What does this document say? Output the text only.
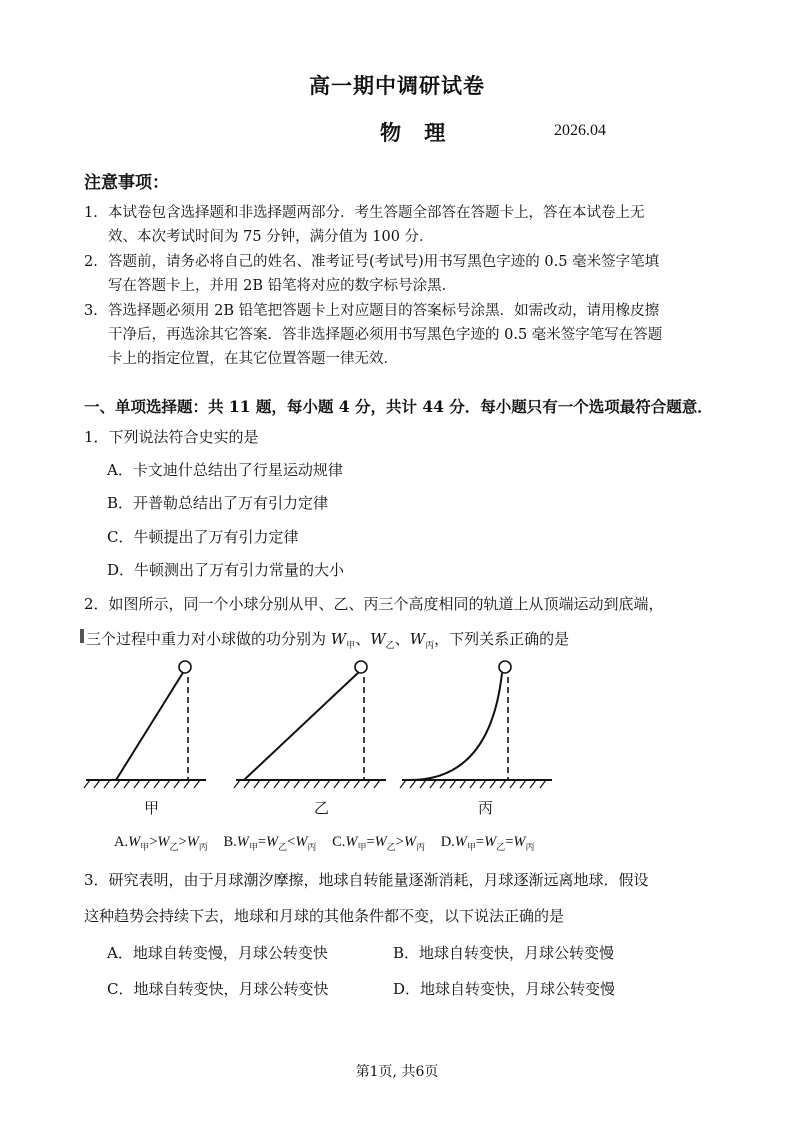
高一期中调研试卷
物 理	2026.04
注意事项：
1. 本试卷包含选择题和非选择题两部分．考生答题全部答在答题卡上，答在本试卷上无
效、本次考试时间为 75 分钟，满分值为 100 分．
2. 答题前，请务必将自己的姓名、准考证号(考试号)用书写黑色字迹的 0.5 毫米签字笔填
写在答题卡上，并用 2B 铅笔将对应的数字标号涂黑．
3. 答选择题必须用 2B 铅笔把答题卡上对应题目的答案标号涂黑．如需改动，请用橡皮擦
干净后，再选涂其它答案．答非选择题必须用书写黑色字迹的 0.5 毫米签字笔写在答题
卡上的指定位置，在其它位置答题一律无效．
一、单项选择题：共 11 题，每小题 4 分，共计 44 分．每小题只有一个选项最符合题意．
1．下列说法符合史实的是
A．卡文迪什总结出了行星运动规律
B．开普勒总结出了万有引力定律
C．牛顿提出了万有引力定律
D．牛顿测出了万有引力常量的大小
2．如图所示，同一个小球分别从甲、乙、丙三个高度相同的轨道上从顶端运动到底端，
三个过程中重力对小球做的功分别为 $W_甲$、$W_乙$、$W_丙$，下列关系正确的是
甲	乙	丙
$A.W_甲>W_乙>W_丙$ $B.W_甲=W_乙<W_丙$ $C.W_甲=W_乙>W_丙$ $D.W_甲=W_乙=W_丙$
3．研究表明，由于月球潮汐摩擦，地球自转能量逐渐消耗，月球逐渐远离地球．假设
这种趋势会持续下去，地球和月球的其他条件都不变，以下说法正确的是
A．地球自转变慢，月球公转变快	B．地球自转变快，月球公转变慢
C．地球自转变快，月球公转变快	D．地球自转变快，月球公转变慢
第1页, 共6页
